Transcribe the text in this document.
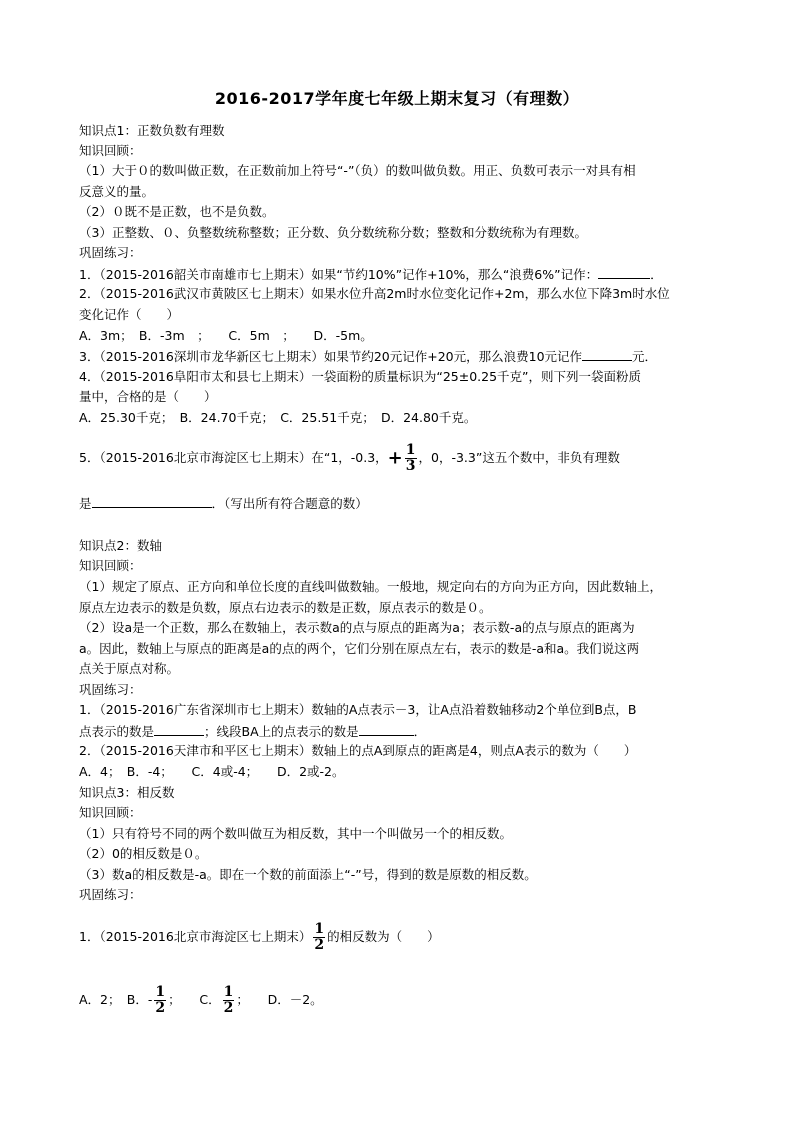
2016-2017学年度七年级上期末复习（有理数）
知识点1：正数负数有理数
知识回顾：
（1）大于０的数叫做正数，在正数前加上符号“-”（负）的数叫做负数。用正、负数可表示一对具有相
反意义的量。
（2）０既不是正数，也不是负数。
（3）正整数、０、负整数统称整数；正分数、负分数统称分数；整数和分数统称为有理数。
巩固练习：
1．（2015-2016韶关市南雄市七上期末）如果“节约10%”记作+10%，那么“浪费6%”记作：	．
2．（2015-2016武汉市黄陂区七上期末）如果水位升高2m时水位变化记作+2m，那么水位下降3m时水位
变化记作（　　）
A．3m；　B．-3m　；　　C．5m　；　　D．-5m。
3．（2015-2016深圳市龙华新区七上期末）如果节约20元记作+20元，那么浪费10元记作	元．
4．（2015-2016阜阳市太和县七上期末）一袋面粉的质量标识为“25±0.25千克”，则下列一袋面粉质
量中，合格的是（　　）
A．25.30千克；　B．24.70千克；　C．25.51千克；　D．24.80千克。
5．（2015-2016北京市海淀区七上期末）在“1，-0.3，+ $\frac{1}{3}$ ，0，-3.3”这五个数中，非负有理数
是	．（写出所有符合题意的数）
知识点2：数轴
知识回顾：
（1）规定了原点、正方向和单位长度的直线叫做数轴。一般地，规定向右的方向为正方向，因此数轴上，
原点左边表示的数是负数，原点右边表示的数是正数，原点表示的数是０。
（2）设a是一个正数，那么在数轴上，表示数a的点与原点的距离为a；表示数-a的点与原点的距离为
a。因此，数轴上与原点的距离是a的点的两个，它们分别在原点左右，表示的数是-a和a。我们说这两
点关于原点对称。
巩固练习：
1．（2015-2016广东省深圳市七上期末）数轴的A点表示－3，让A点沿着数轴移动2个单位到B点，B
点表示的数是	；线段BA上的点表示的数是	．
2．（2015-2016天津市和平区七上期末）数轴上的点A到原点的距离是4，则点A表示的数为（　　）
A．4；　B．-4；　　C．4或-4；　　D．2或-2。
知识点3：相反数
知识回顾：
（1）只有符号不同的两个数叫做互为相反数，其中一个叫做另一个的相反数。
（2）0的相反数是０。
（3）数a的相反数是-a。即在一个数的前面添上“-”号，得到的数是原数的相反数。
巩固练习：
1．（2015-2016北京市海淀区七上期末） $\frac{1}{2}$ 的相反数为（　　）
A．2；　B．- $\frac{1}{2}$ ；　　C． $\frac{1}{2}$ ；　　D．－2。
